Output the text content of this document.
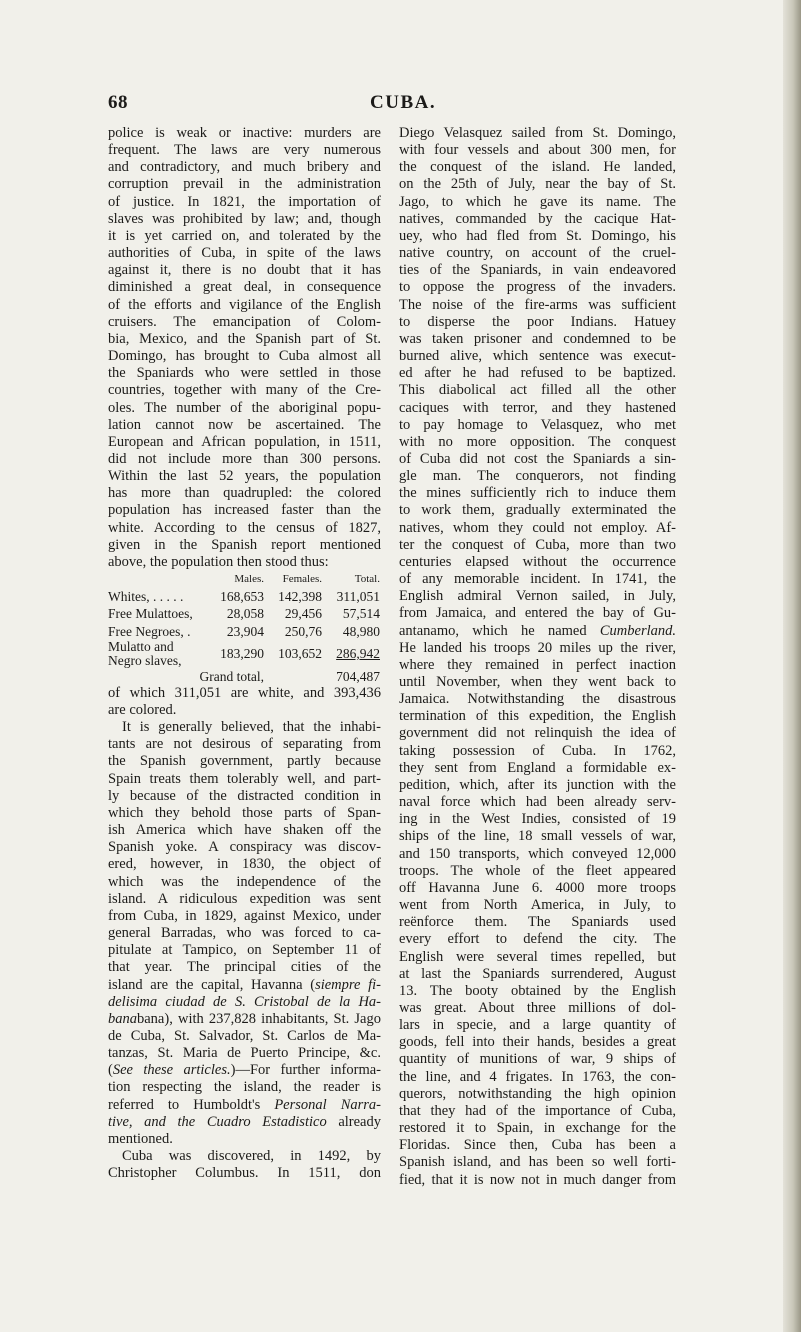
68	CUBA.
police is weak or inactive: murders are
frequent. The laws are very numerous
and contradictory, and much bribery and
corruption prevail in the administration
of justice. In 1821, the importation of
slaves was prohibited by law; and, though
it is yet carried on, and tolerated by the
authorities of Cuba, in spite of the laws
against it, there is no doubt that it has
diminished a great deal, in consequence
of the efforts and vigilance of the English
cruisers. The emancipation of Colom-
bia, Mexico, and the Spanish part of St.
Domingo, has brought to Cuba almost all
the Spaniards who were settled in those
countries, together with many of the Cre-
oles. The number of the aboriginal popu-
lation cannot now be ascertained. The
European and African population, in 1511,
did not include more than 300 persons.
Within the last 52 years, the population
has more than quadrupled: the colored
population has increased faster than the
white. According to the census of 1827,
given in the Spanish report mentioned
above, the population then stood thus:
Males.	Females.	Total.
Whites, . . . . .	168,653	142,398	311,051
Free Mulattoes,	28,058	29,456	57,514
Free Negroes, .	23,904	250,76	48,980
Mulatto and
Negro slaves,	183,290	103,652	286,942
Grand total,	704,487
of which 311,051 are white, and 393,436
are colored.
It is generally believed, that the inhabi-
tants are not desirous of separating from
the Spanish government, partly because
Spain treats them tolerably well, and part-
ly because of the distracted condition in
which they behold those parts of Span-
ish America which have shaken off the
Spanish yoke. A conspiracy was discov-
ered, however, in 1830, the object of
which was the independence of the
island. A ridiculous expedition was sent
from Cuba, in 1829, against Mexico, under
general Barradas, who was forced to ca-
pitulate at Tampico, on September 11 of
that year. The principal cities of the
island are the capital, Havanna (siempre fi-
delisima ciudad de S. Cristobal de la Ha-
banabana), with 237,828 inhabitants, St. Jago
de Cuba, St. Salvador, St. Carlos de Ma-
tanzas, St. Maria de Puerto Principe, &c.
(See these articles.)—For further informa-
tion respecting the island, the reader is
referred to Humboldt's Personal Narra-
tive, and the Cuadro Estadistico already
mentioned.
Cuba was discovered, in 1492, by
Christopher Columbus. In 1511, don
Diego Velasquez sailed from St. Domingo,
with four vessels and about 300 men, for
the conquest of the island. He landed,
on the 25th of July, near the bay of St.
Jago, to which he gave its name. The
natives, commanded by the cacique Hat-
uey, who had fled from St. Domingo, his
native country, on account of the cruel-
ties of the Spaniards, in vain endeavored
to oppose the progress of the invaders.
The noise of the fire-arms was sufficient
to disperse the poor Indians. Hatuey
was taken prisoner and condemned to be
burned alive, which sentence was execut-
ed after he had refused to be baptized.
This diabolical act filled all the other
caciques with terror, and they hastened
to pay homage to Velasquez, who met
with no more opposition. The conquest
of Cuba did not cost the Spaniards a sin-
gle man. The conquerors, not finding
the mines sufficiently rich to induce them
to work them, gradually exterminated the
natives, whom they could not employ. Af-
ter the conquest of Cuba, more than two
centuries elapsed without the occurrence
of any memorable incident. In 1741, the
English admiral Vernon sailed, in July,
from Jamaica, and entered the bay of Gu-
antanamo, which he named Cumberland.
He landed his troops 20 miles up the river,
where they remained in perfect inaction
until November, when they went back to
Jamaica. Notwithstanding the disastrous
termination of this expedition, the English
government did not relinquish the idea of
taking possession of Cuba. In 1762,
they sent from England a formidable ex-
pedition, which, after its junction with the
naval force which had been already serv-
ing in the West Indies, consisted of 19
ships of the line, 18 small vessels of war,
and 150 transports, which conveyed 12,000
troops. The whole of the fleet appeared
off Havanna June 6. 4000 more troops
went from North America, in July, to
reënforce them. The Spaniards used
every effort to defend the city. The
English were several times repelled, but
at last the Spaniards surrendered, August
13. The booty obtained by the English
was great. About three millions of dol-
lars in specie, and a large quantity of
goods, fell into their hands, besides a great
quantity of munitions of war, 9 ships of
the line, and 4 frigates. In 1763, the con-
querors, notwithstanding the high opinion
that they had of the importance of Cuba,
restored it to Spain, in exchange for the
Floridas. Since then, Cuba has been a
Spanish island, and has been so well forti-
fied, that it is now not in much danger from
